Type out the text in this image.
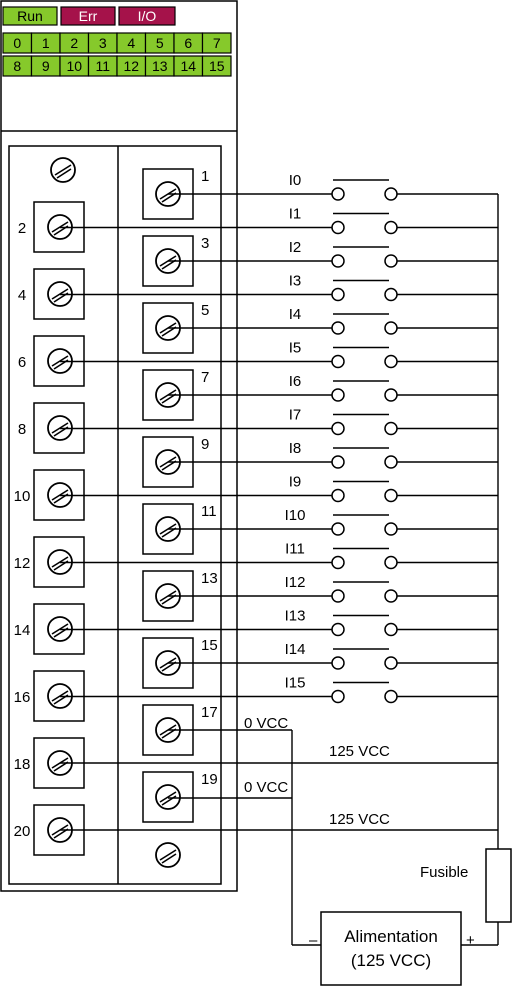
Run	Err	I/O
0 1 2 3 4 5 6 7
8 9 10 11 12 13 14 15
1
3
5
7
9
11
13
15
17
19
2
4
6
8
10
12
14
16
18
20
I0
I1
I2
I3
I4
I5
I6
I7
I8
I9
I10
I11
I12
I13
I14
I15
0 VCC
0 VCC
125 VCC
125 VCC
Fusible
Alimentation
(125 VCC)
–	+
